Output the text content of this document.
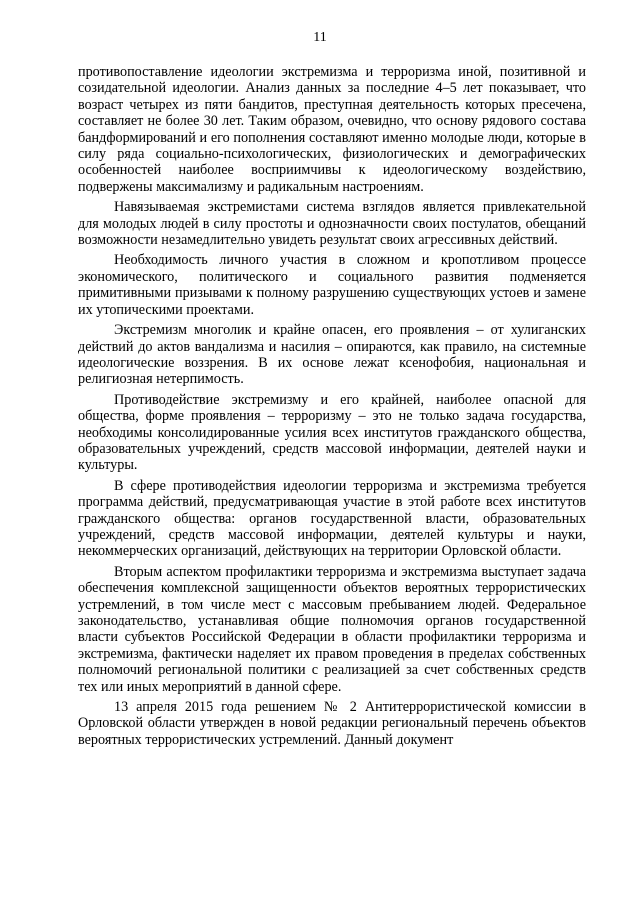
11

противопоставление идеологии экстремизма и терроризма иной, позитивной и созидательной идеологии. Анализ данных за последние 4–5 лет показывает, что возраст четырех из пяти бандитов, преступная деятельность которых пресечена, составляет не более 30 лет. Таким образом, очевидно, что основу рядового состава бандформирований и его пополнения составляют именно молодые люди, которые в силу ряда социально-психологических, физиологических и демографических особенностей наиболее восприимчивы к идеологическому воздействию, подвержены максимализму и радикальным настроениям.

Навязываемая экстремистами система взглядов является привлекательной для молодых людей в силу простоты и однозначности своих постулатов, обещаний возможности незамедлительно увидеть результат своих агрессивных действий.

Необходимость личного участия в сложном и кропотливом процессе экономического, политического и социального развития подменяется примитивными призывами к полному разрушению существующих устоев и замене их утопическими проектами.

Экстремизм многолик и крайне опасен, его проявления – от хулиганских действий до актов вандализма и насилия – опираются, как правило, на системные идеологические воззрения. В их основе лежат ксенофобия, национальная и религиозная нетерпимость.

Противодействие экстремизму и его крайней, наиболее опасной для общества, форме проявления – терроризму – это не только задача государства, необходимы консолидированные усилия всех институтов гражданского общества, образовательных учреждений, средств массовой информации, деятелей науки и культуры.

В сфере противодействия идеологии терроризма и экстремизма требуется программа действий, предусматривающая участие в этой работе всех институтов гражданского общества: органов государственной власти, образовательных учреждений, средств массовой информации, деятелей культуры и науки, некоммерческих организаций, действующих на территории Орловской области.

Вторым аспектом профилактики терроризма и экстремизма выступает задача обеспечения комплексной защищенности объектов вероятных террористических устремлений, в том числе мест с массовым пребыванием людей. Федеральное законодательство, устанавливая общие полномочия органов государственной власти субъектов Российской Федерации в области профилактики терроризма и экстремизма, фактически наделяет их правом проведения в пределах собственных полномочий региональной политики с реализацией за счет собственных средств тех или иных мероприятий в данной сфере.

13 апреля 2015 года решением № 2 Антитеррористической комиссии в Орловской области утвержден в новой редакции региональный перечень объектов вероятных террористических устремлений. Данный документ
